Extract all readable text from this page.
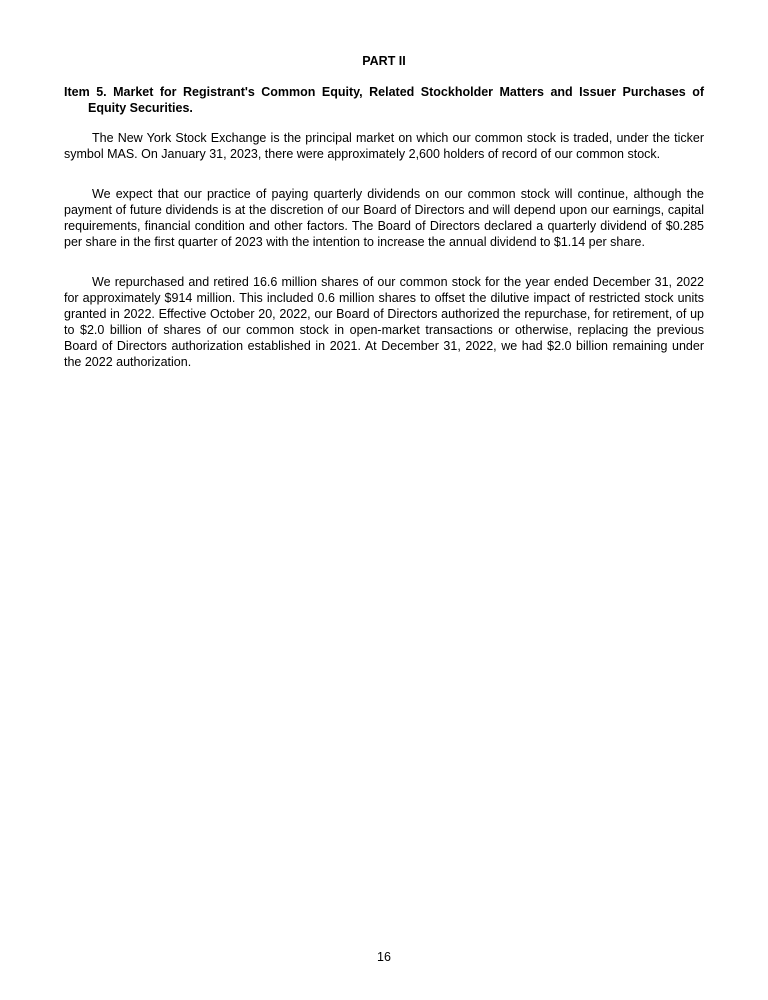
PART II
Item 5. Market for Registrant's Common Equity, Related Stockholder Matters and Issuer Purchases of Equity Securities.

The New York Stock Exchange is the principal market on which our common stock is traded, under the ticker symbol MAS. On January 31, 2023, there were approximately 2,600 holders of record of our common stock.

We expect that our practice of paying quarterly dividends on our common stock will continue, although the payment of future dividends is at the discretion of our Board of Directors and will depend upon our earnings, capital requirements, financial condition and other factors. The Board of Directors declared a quarterly dividend of $0.285 per share in the first quarter of 2023 with the intention to increase the annual dividend to $1.14 per share.

We repurchased and retired 16.6 million shares of our common stock for the year ended December 31, 2022 for approximately $914 million. This included 0.6 million shares to offset the dilutive impact of restricted stock units granted in 2022. Effective October 20, 2022, our Board of Directors authorized the repurchase, for retirement, of up to $2.0 billion of shares of our common stock in open-market transactions or otherwise, replacing the previous Board of Directors authorization established in 2021. At December 31, 2022, we had $2.0 billion remaining under the 2022 authorization.

16
